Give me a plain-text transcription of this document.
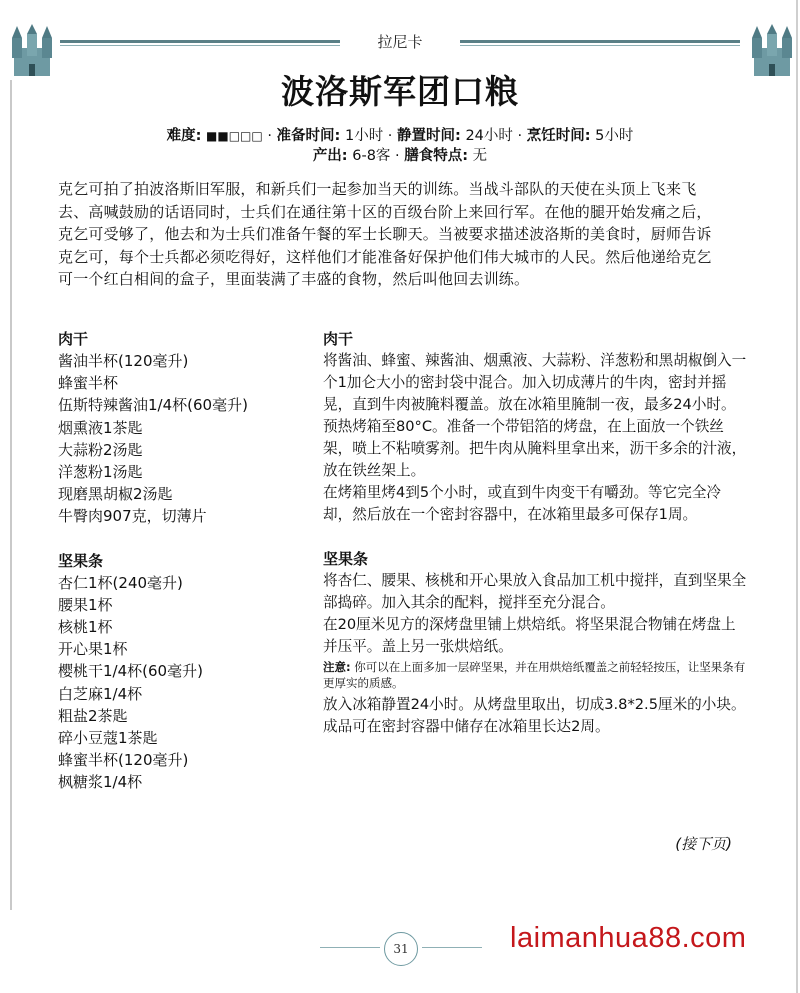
拉尼卡
波洛斯军团口粮
难度: ■■□□□ · 准备时间: 1小时 · 静置时间: 24小时 · 烹饪时间: 5小时
产出: 6-8客 · 膳食特点: 无
克乞可拍了拍波洛斯旧军服，和新兵们一起参加当天的训练。当战斗部队的天使在头顶上飞来飞去、高喊鼓励的话语同时，士兵们在通往第十区的百级台阶上来回行军。在他的腿开始发痛之后，克乞可受够了，他去和为士兵们准备午餐的军士长聊天。当被要求描述波洛斯的美食时，厨师告诉克乞可，每个士兵都必须吃得好，这样他们才能准备好保护他们伟大城市的人民。然后他递给克乞可一个红白相间的盒子，里面装满了丰盛的食物，然后叫他回去训练。
肉干
酱油半杯(120毫升)
蜂蜜半杯
伍斯特辣酱油1/4杯(60毫升)
烟熏液1茶匙
大蒜粉2汤匙
洋葱粉1汤匙
现磨黑胡椒2汤匙
牛臀肉907克，切薄片
坚果条
杏仁1杯(240毫升)
腰果1杯
核桃1杯
开心果1杯
樱桃干1/4杯(60毫升)
白芝麻1/4杯
粗盐2茶匙
碎小豆蔻1茶匙
蜂蜜半杯(120毫升)
枫糖浆1/4杯
肉干
将酱油、蜂蜜、辣酱油、烟熏液、大蒜粉、洋葱粉和黑胡椒倒入一个1加仑大小的密封袋中混合。加入切成薄片的牛肉，密封并摇晃，直到牛肉被腌料覆盖。放在冰箱里腌制一夜，最多24小时。
预热烤箱至80°C。准备一个带铝箔的烤盘，在上面放一个铁丝架，喷上不粘喷雾剂。把牛肉从腌料里拿出来，沥干多余的汁液，放在铁丝架上。
在烤箱里烤4到5个小时，或直到牛肉变干有嚼劲。等它完全冷却，然后放在一个密封容器中，在冰箱里最多可保存1周。
坚果条
将杏仁、腰果、核桃和开心果放入食品加工机中搅拌，直到坚果全部捣碎。加入其余的配料，搅拌至充分混合。
在20厘米见方的深烤盘里铺上烘焙纸。将坚果混合物铺在烤盘上并压平。盖上另一张烘焙纸。
注意: 你可以在上面多加一层碎坚果，并在用烘焙纸覆盖之前轻轻按压，让坚果条有更厚实的质感。
放入冰箱静置24小时。从烤盘里取出，切成3.8*2.5厘米的小块。成品可在密封容器中储存在冰箱里长达2周。
(接下页)
31	laimanhua88.com
